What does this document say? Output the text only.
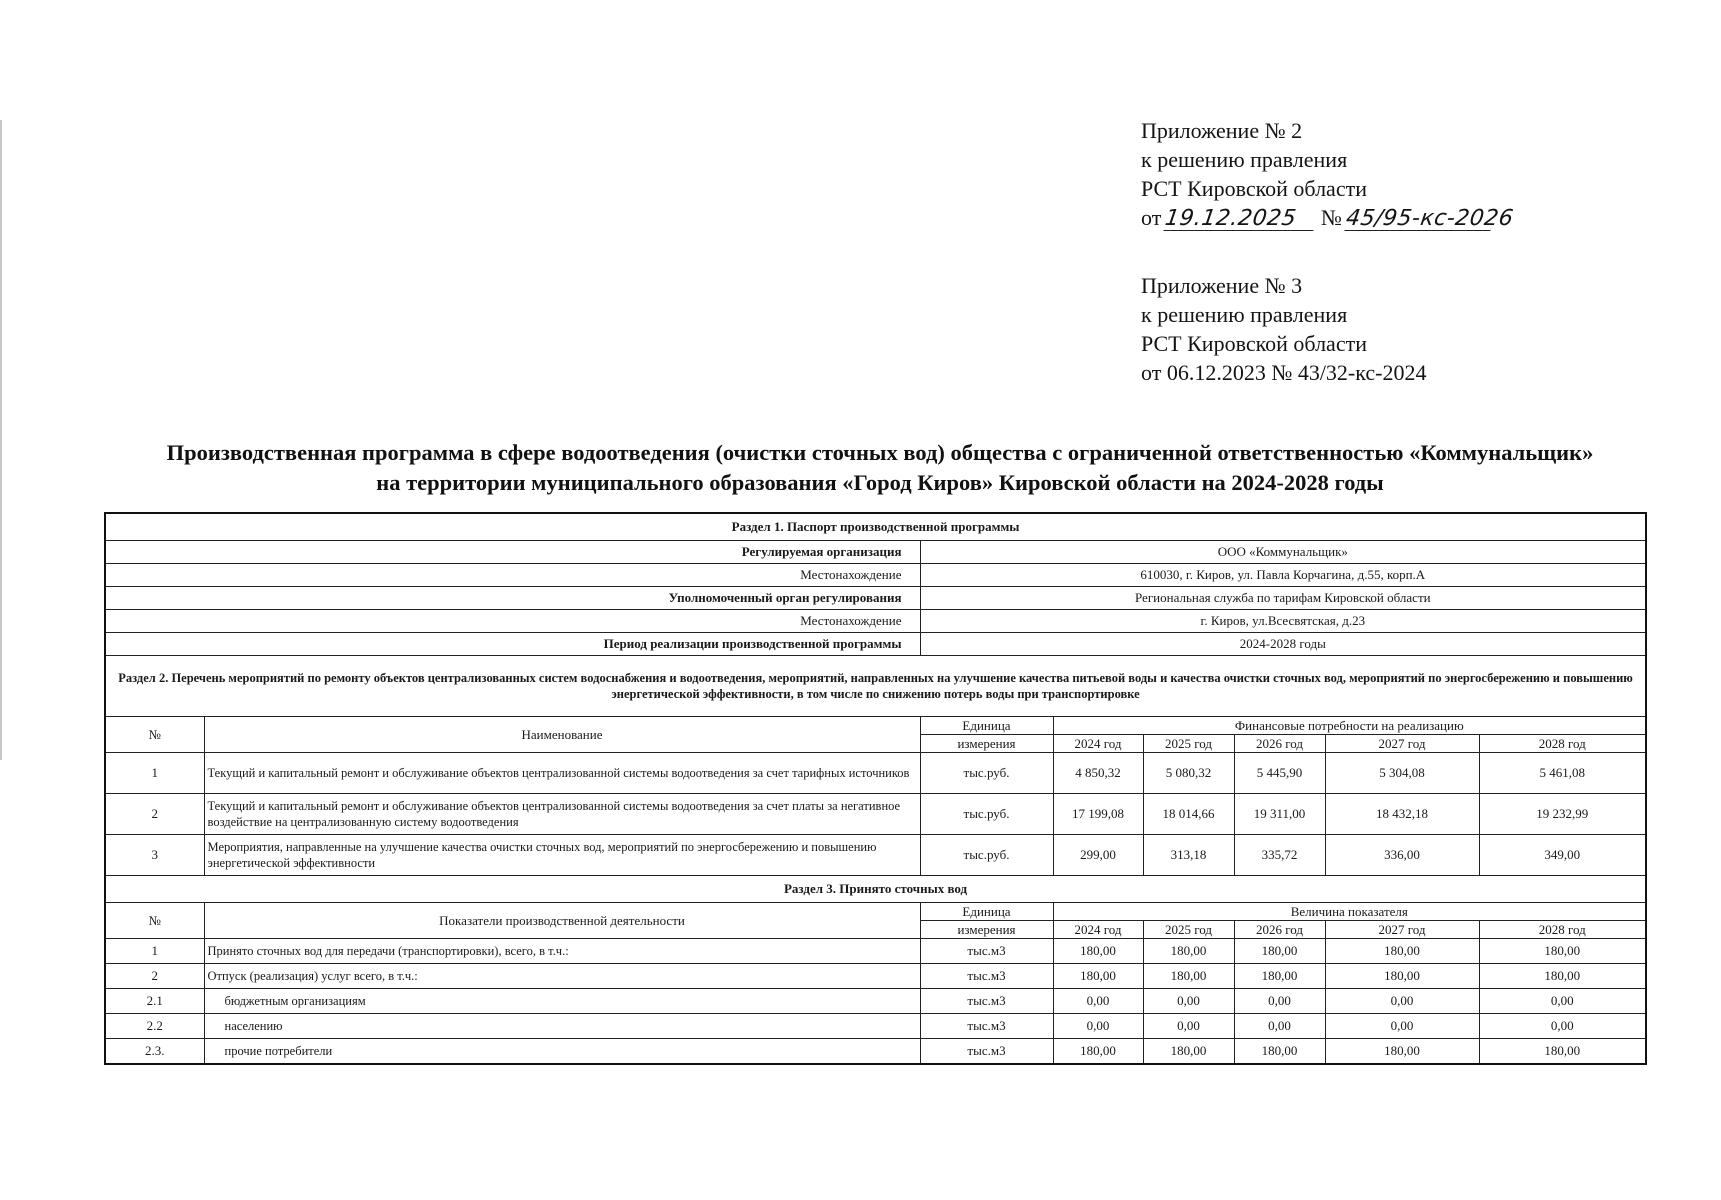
Приложение № 2
к решению правления
РСТ Кировской области
от 19.12.2025 № 45/95-кс-2026
Приложение № 3
к решению правления
РСТ Кировской области
от 06.12.2023 № 43/32-кс-2024
Производственная программа в сфере водоотведения (очистки сточных вод) общества с ограниченной ответственностью «Коммунальщик»
на территории муниципального образования «Город Киров» Кировской области на 2024-2028 годы
Раздел 1. Паспорт производственной программы							
Регулируемая организация		ООО «Коммунальщик»					
Местонахождение		610030, г. Киров, ул. Павла Корчагина, д.55, корп.А					
Уполномоченный орган регулирования		Региональная служба по тарифам Кировской области					
Местонахождение		г. Киров, ул.Всесвятская, д.23					
Период реализации производственной программы		2024-2028 годы					
Раздел 2. Перечень мероприятий по ремонту объектов централизованных систем водоснабжения и водоотведения, мероприятий, направленных на улучшение качества питьевой воды и качества очистки сточных вод, мероприятий по энергосбережению и повышению энергетической эффективности, в том числе по снижению потерь воды при транспортировке							
№	Наименование	Единица	Финансовые потребности на реализацию				
		измерения	2024 год	2025 год	2026 год	2027 год	2028 год
1	Текущий и капитальный ремонт и обслуживание объектов централизованной системы водоотведения за счет тарифных источников	тыс.руб.	4 850,32	5 080,32	5 445,90	5 304,08	5 461,08
2	Текущий и капитальный ремонт и обслуживание объектов централизованной системы водоотведения за счет платы за негативное воздействие на централизованную систему водоотведения	тыс.руб.	17 199,08	18 014,66	19 311,00	18 432,18	19 232,99
3	Мероприятия, направленные на улучшение качества очистки сточных вод, мероприятий по энергосбережению и повышению энергетической эффективности	тыс.руб.	299,00	313,18	335,72	336,00	349,00
Раздел 3. Принято сточных вод							
№	Показатели производственной деятельности	Единица	Величина показателя				
		измерения	2024 год	2025 год	2026 год	2027 год	2028 год
1	Принято сточных вод для передачи (транспортировки), всего, в т.ч.:	тыс.м3	180,00	180,00	180,00	180,00	180,00
2	Отпуск (реализация) услуг всего, в т.ч.:	тыс.м3	180,00	180,00	180,00	180,00	180,00
2.1	бюджетным организациям	тыс.м3	0,00	0,00	0,00	0,00	0,00
2.2	населению	тыс.м3	0,00	0,00	0,00	0,00	0,00
2.3.	прочие потребители	тыс.м3	180,00	180,00	180,00	180,00	180,00
